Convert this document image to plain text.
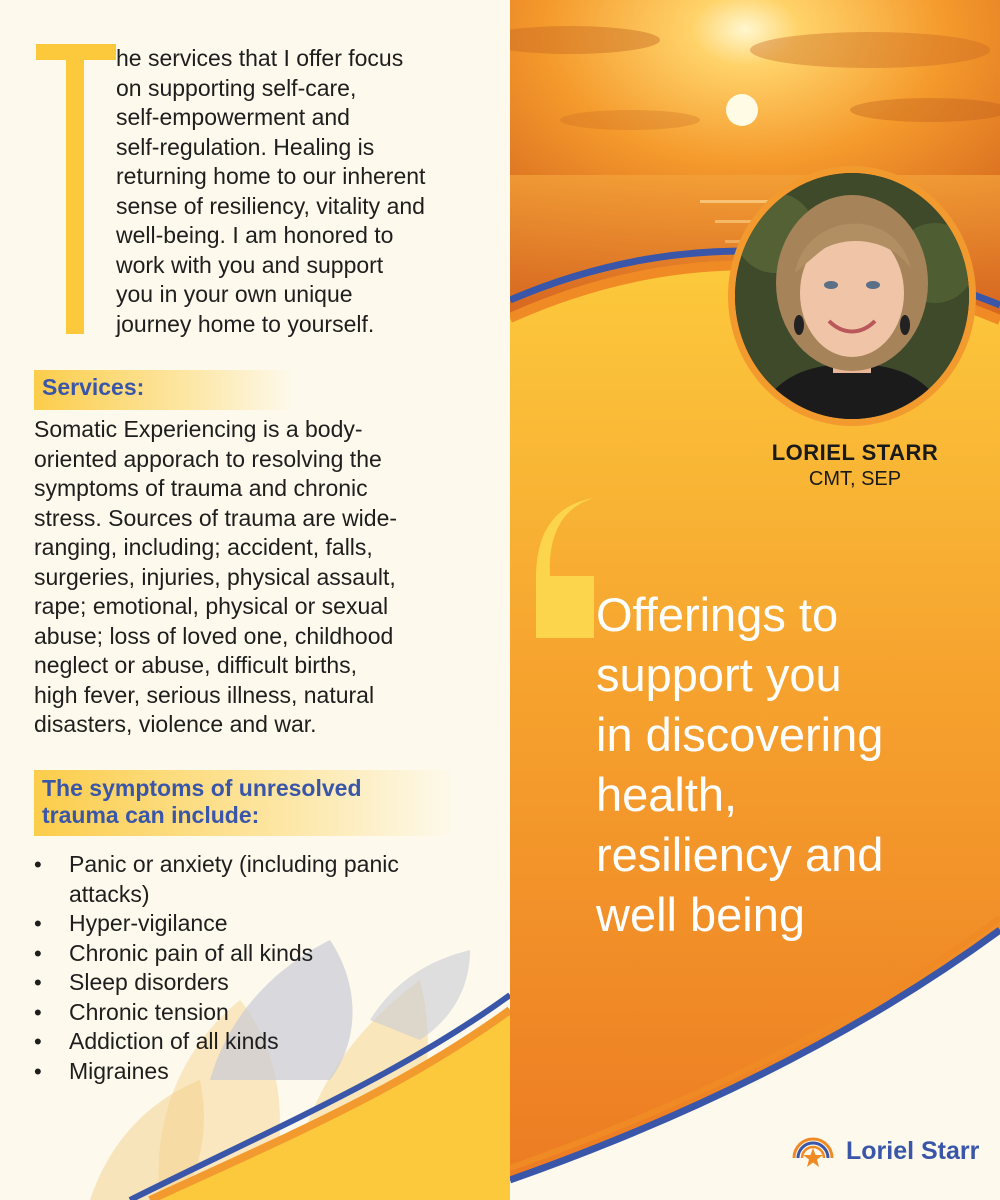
he services that I offer focus
on supporting self-care,
self-empowerment and
self-regulation. Healing is
returning home to our inherent
sense of resiliency, vitality and
well-being. I am honored to
work with you and support
you in your own unique
journey home to yourself.
Services:
Somatic Experiencing is a body-
oriented apporach to resolving the
symptoms of trauma and chronic
stress. Sources of trauma are wide-
ranging, including; accident, falls,
surgeries, injuries, physical assault,
rape; emotional, physical or sexual
abuse; loss of loved one, childhood
neglect or abuse, difficult births,
high fever, serious illness, natural
disasters, violence and war.
The symptoms of unresolved
trauma can include:
• Panic or anxiety (including panic attacks)
• Hyper-vigilance
• Chronic pain of all kinds
• Sleep disorders
• Chronic tension
• Addiction of all kinds
• Migraines
LORIEL STARR
CMT, SEP
Offerings to
support you
in discovering
health,
resiliency and
well being
Loriel Starr
